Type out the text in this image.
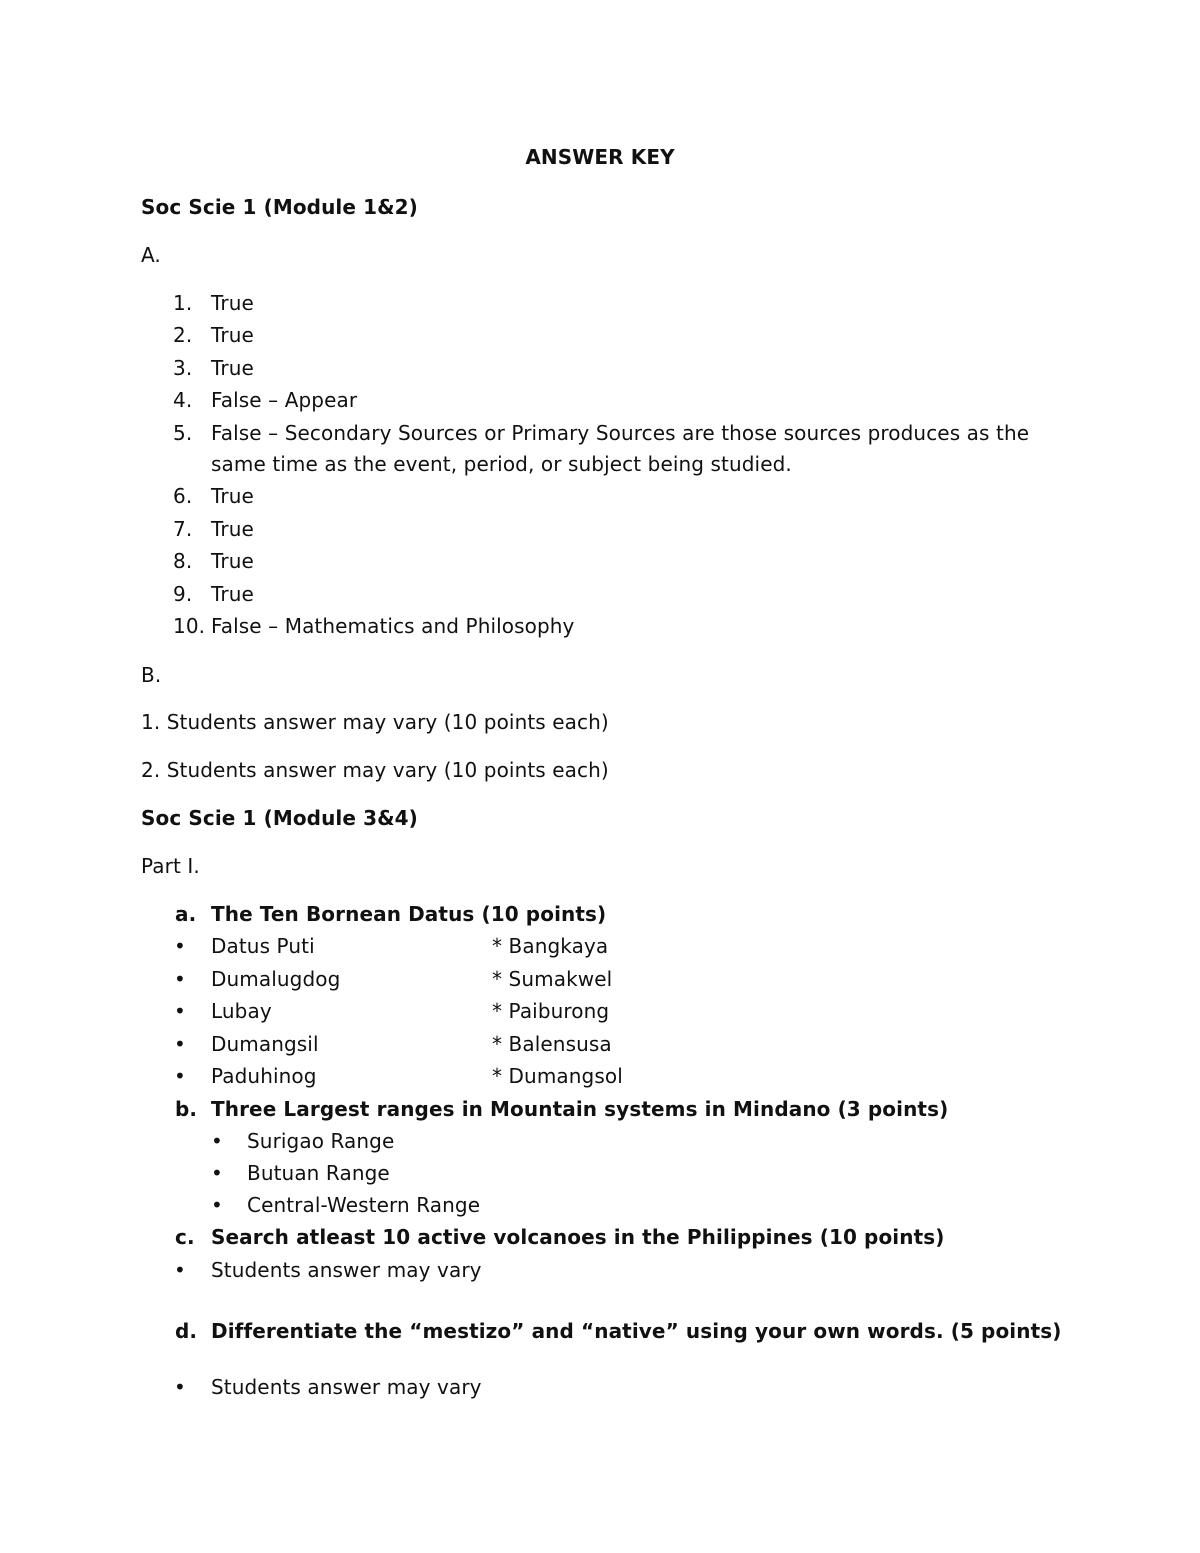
ANSWER KEY
Soc Scie 1 (Module 1&2)
A.
1. True
2. True
3. True
4. False – Appear
5. False – Secondary Sources or Primary Sources are those sources produces as the
same time as the event, period, or subject being studied.
6. True
7. True
8. True
9. True
10. False – Mathematics and Philosophy
B.
1. Students answer may vary (10 points each)
2. Students answer may vary (10 points each)
Soc Scie 1 (Module 3&4)
Part I.
a. The Ten Bornean Datus (10 points)
• Datus Puti	* Bangkaya
• Dumalugdog	* Sumakwel
• Lubay	* Paiburong
• Dumangsil	* Balensusa
• Paduhinog	* Dumangsol
b. Three Largest ranges in Mountain systems in Mindano (3 points)
• Surigao Range
• Butuan Range
• Central-Western Range
c. Search atleast 10 active volcanoes in the Philippines (10 points)
• Students answer may vary
d. Differentiate the “mestizo” and “native” using your own words. (5 points)
• Students answer may vary
